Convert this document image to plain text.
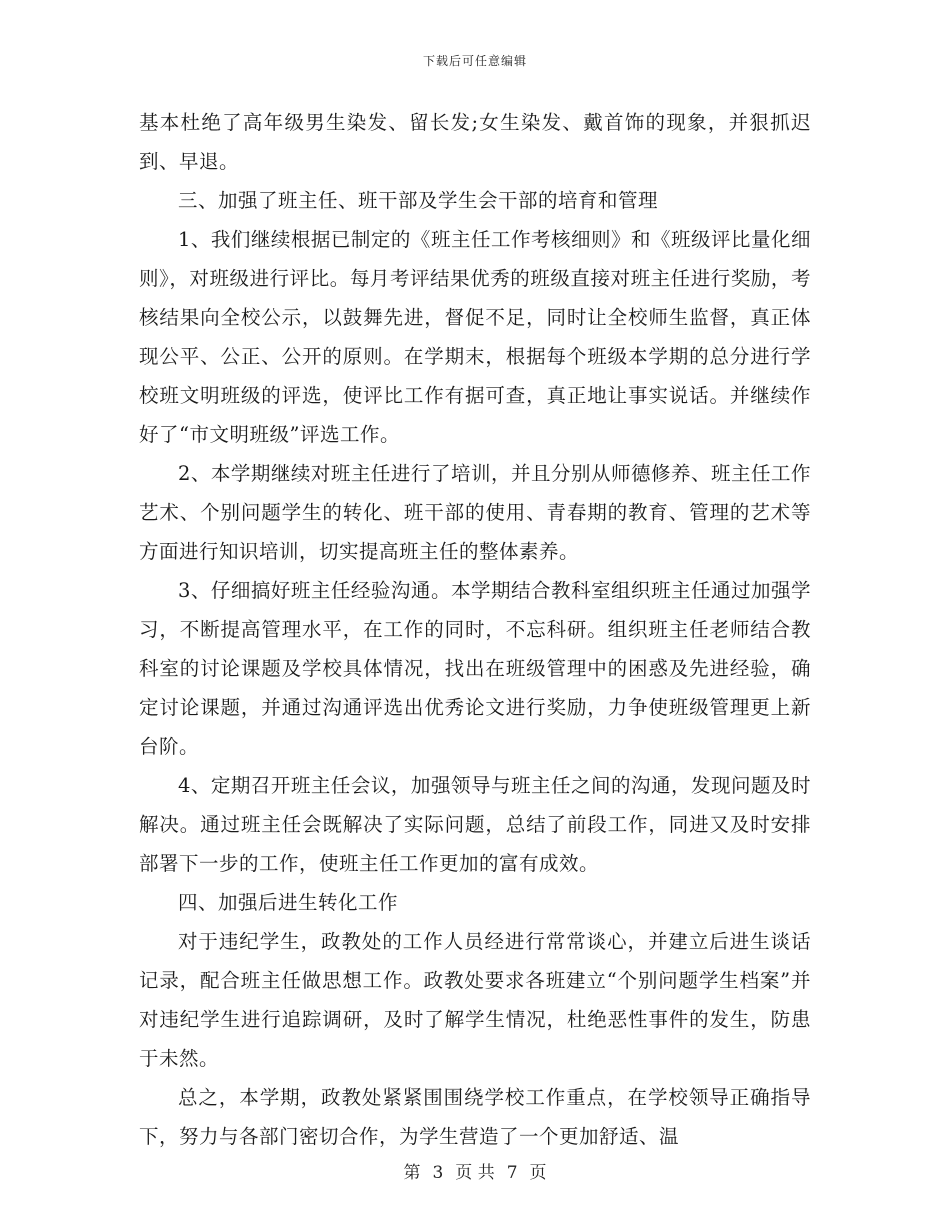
下载后可任意编辑

基本杜绝了高年级男生染发、留长发;女生染发、戴首饰的现象，并狠抓迟到、早退。

三、加强了班主任、班干部及学生会干部的培育和管理

1、我们继续根据已制定的《班主任工作考核细则》和《班级评比量化细则》，对班级进行评比。每月考评结果优秀的班级直接对班主任进行奖励，考核结果向全校公示，以鼓舞先进，督促不足，同时让全校师生监督，真正体现公平、公正、公开的原则。在学期末，根据每个班级本学期的总分进行学校班文明班级的评选，使评比工作有据可查，真正地让事实说话。并继续作好了“市文明班级”评选工作。

2、本学期继续对班主任进行了培训，并且分别从师德修养、班主任工作艺术、个别问题学生的转化、班干部的使用、青春期的教育、管理的艺术等方面进行知识培训，切实提高班主任的整体素养。

3、仔细搞好班主任经验沟通。本学期结合教科室组织班主任通过加强学习，不断提高管理水平，在工作的同时，不忘科研。组织班主任老师结合教科室的讨论课题及学校具体情况，找出在班级管理中的困惑及先进经验，确定讨论课题，并通过沟通评选出优秀论文进行奖励，力争使班级管理更上新台阶。

4、定期召开班主任会议，加强领导与班主任之间的沟通，发现问题及时解决。通过班主任会既解决了实际问题，总结了前段工作，同进又及时安排部署下一步的工作，使班主任工作更加的富有成效。

四、加强后进生转化工作

对于违纪学生，政教处的工作人员经进行常常谈心，并建立后进生谈话记录，配合班主任做思想工作。政教处要求各班建立“个别问题学生档案”并对违纪学生进行追踪调研，及时了解学生情况，杜绝恶性事件的发生，防患于未然。

总之，本学期，政教处紧紧围围绕学校工作重点，在学校领导正确指导下，努力与各部门密切合作，为学生营造了一个更加舒适、温

第 3 页 共 7 页
